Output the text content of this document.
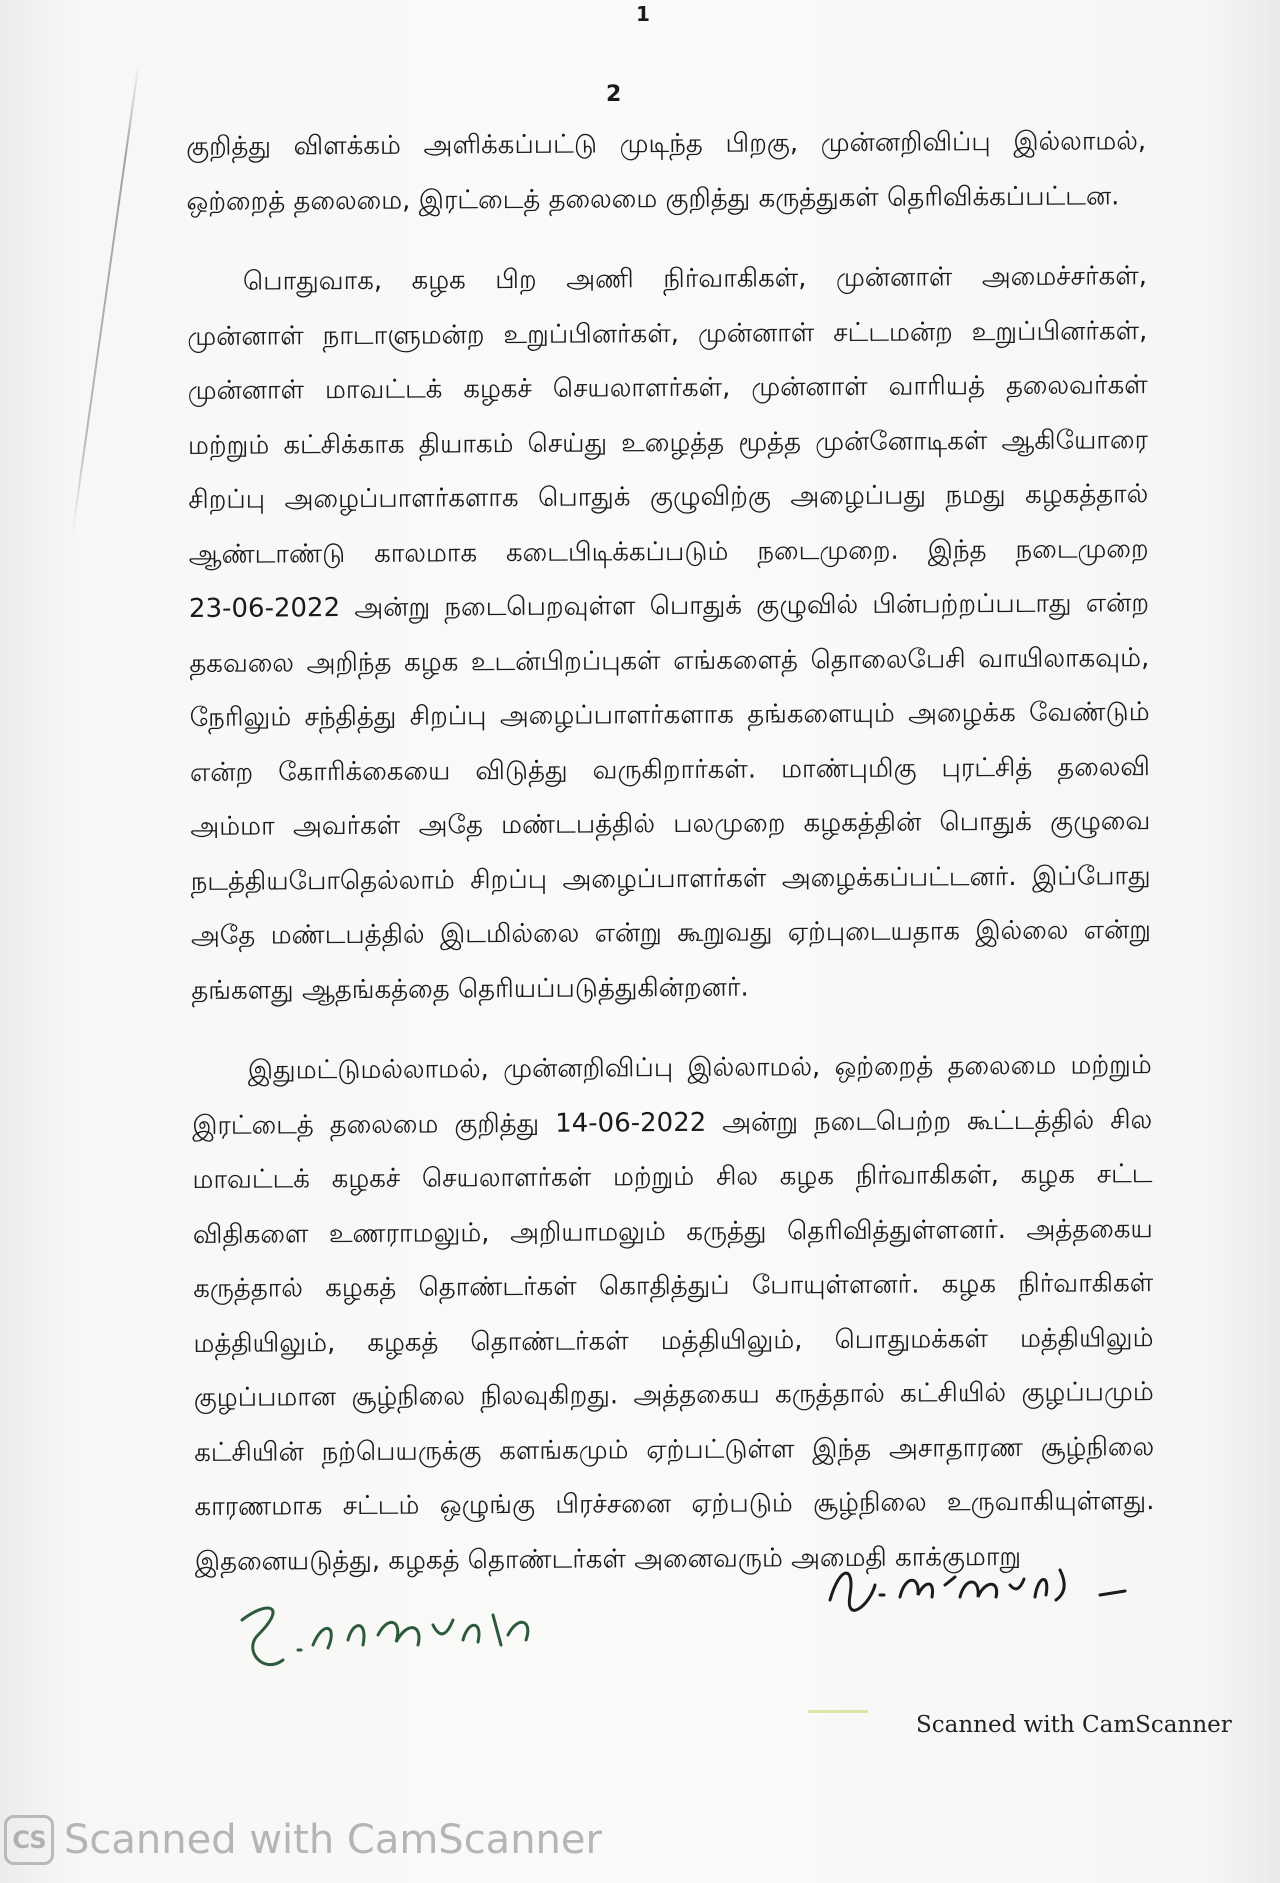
1
2
குறித்து விளக்கம் அளிக்கப்பட்டு முடிந்த பிறகு, முன்னறிவிப்பு இல்லாமல்,
ஒற்றைத் தலைமை, இரட்டைத் தலைமை குறித்து கருத்துகள் தெரிவிக்கப்பட்டன.
பொதுவாக, கழக பிற அணி நிர்வாகிகள், முன்னாள் அமைச்சர்கள்,
முன்னாள் நாடாளுமன்ற உறுப்பினர்கள், முன்னாள் சட்டமன்ற உறுப்பினர்கள்,
முன்னாள் மாவட்டக் கழகச் செயலாளர்கள், முன்னாள் வாரியத் தலைவர்கள்
மற்றும் கட்சிக்காக தியாகம் செய்து உழைத்த மூத்த முன்னோடிகள் ஆகியோரை
சிறப்பு அழைப்பாளர்களாக பொதுக் குழுவிற்கு அழைப்பது நமது கழகத்தால்
ஆண்டாண்டு காலமாக கடைபிடிக்கப்படும் நடைமுறை. இந்த நடைமுறை
23-06-2022 அன்று நடைபெறவுள்ள பொதுக் குழுவில் பின்பற்றப்படாது என்ற
தகவலை அறிந்த கழக உடன்பிறப்புகள் எங்களைத் தொலைபேசி வாயிலாகவும்,
நேரிலும் சந்தித்து சிறப்பு அழைப்பாளர்களாக தங்களையும் அழைக்க வேண்டும்
என்ற கோரிக்கையை விடுத்து வருகிறார்கள். மாண்புமிகு புரட்சித் தலைவி
அம்மா அவர்கள் அதே மண்டபத்தில் பலமுறை கழகத்தின் பொதுக் குழுவை
நடத்தியபோதெல்லாம் சிறப்பு அழைப்பாளர்கள் அழைக்கப்பட்டனர். இப்போது
அதே மண்டபத்தில் இடமில்லை என்று கூறுவது ஏற்புடையதாக இல்லை என்று
தங்களது ஆதங்கத்தை தெரியப்படுத்துகின்றனர்.
இதுமட்டுமல்லாமல், முன்னறிவிப்பு இல்லாமல், ஒற்றைத் தலைமை மற்றும்
இரட்டைத் தலைமை குறித்து 14-06-2022 அன்று நடைபெற்ற கூட்டத்தில் சில
மாவட்டக் கழகச் செயலாளர்கள் மற்றும் சில கழக நிர்வாகிகள், கழக சட்ட
விதிகளை உணராமலும், அறியாமலும் கருத்து தெரிவித்துள்ளனர். அத்தகைய
கருத்தால் கழகத் தொண்டர்கள் கொதித்துப் போயுள்ளனர். கழக நிர்வாகிகள்
மத்தியிலும், கழகத் தொண்டர்கள் மத்தியிலும், பொதுமக்கள் மத்தியிலும்
குழப்பமான சூழ்நிலை நிலவுகிறது. அத்தகைய கருத்தால் கட்சியில் குழப்பமும்
கட்சியின் நற்பெயருக்கு களங்கமும் ஏற்பட்டுள்ள இந்த அசாதாரண சூழ்நிலை
காரணமாக சட்டம் ஒழுங்கு பிரச்சனை ஏற்படும் சூழ்நிலை உருவாகியுள்ளது.
இதனையடுத்து, கழகத் தொண்டர்கள் அனைவரும் அமைதி காக்குமாறு
Scanned with CamScanner
CS Scanned with CamScanner
